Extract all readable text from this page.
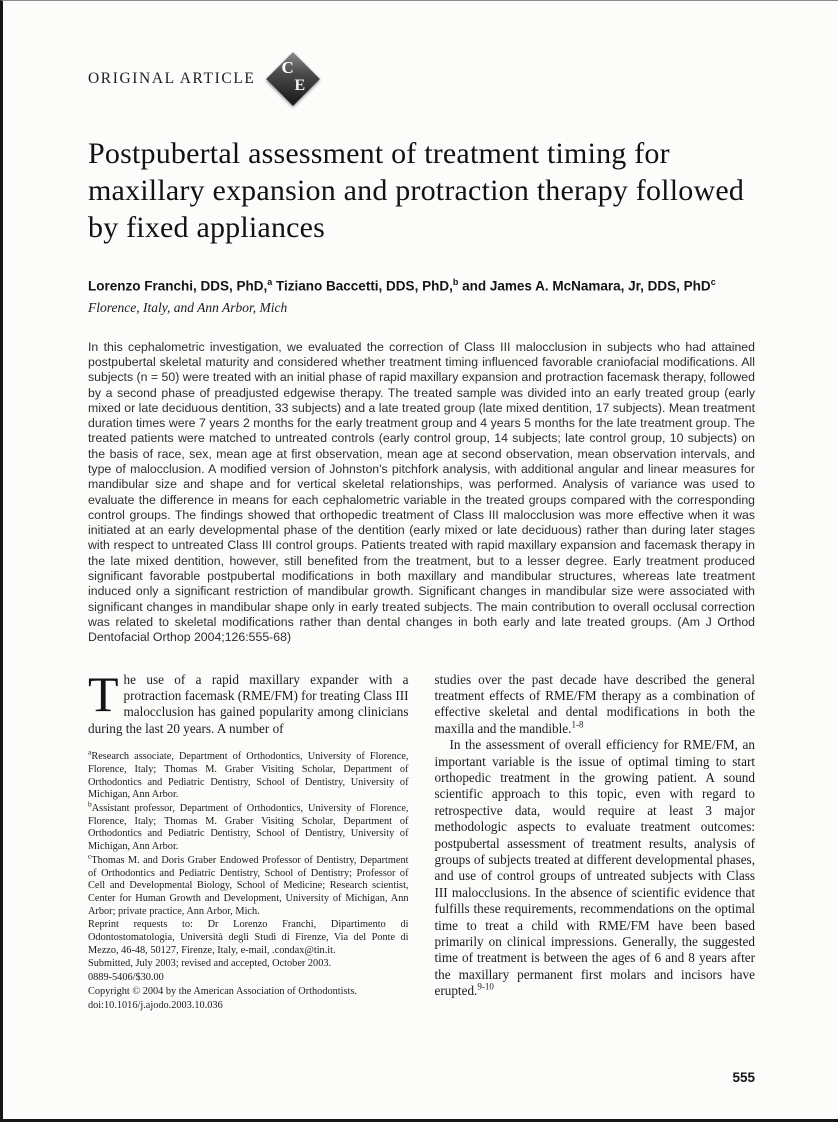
ORIGINAL ARTICLE
C
E
Postpubertal assessment of treatment timing for maxillary expansion and protraction therapy followed by fixed appliances

Lorenzo Franchi, DDS, PhD,$^a$ Tiziano Baccetti, DDS, PhD,$^b$ and James A. McNamara, Jr, DDS, PhD$^c$

Florence, Italy, and Ann Arbor, Mich

In this cephalometric investigation, we evaluated the correction of Class III malocclusion in subjects who had attained postpubertal skeletal maturity and considered whether treatment timing influenced favorable craniofacial modifications. All subjects (n = 50) were treated with an initial phase of rapid maxillary expansion and protraction facemask therapy, followed by a second phase of preadjusted edgewise therapy. The treated sample was divided into an early treated group (early mixed or late deciduous dentition, 33 subjects) and a late treated group (late mixed dentition, 17 subjects). Mean treatment duration times were 7 years 2 months for the early treatment group and 4 years 5 months for the late treatment group. The treated patients were matched to untreated controls (early control group, 14 subjects; late control group, 10 subjects) on the basis of race, sex, mean age at first observation, mean age at second observation, mean observation intervals, and type of malocclusion. A modified version of Johnston's pitchfork analysis, with additional angular and linear measures for mandibular size and shape and for vertical skeletal relationships, was performed. Analysis of variance was used to evaluate the difference in means for each cephalometric variable in the treated groups compared with the corresponding control groups. The findings showed that orthopedic treatment of Class III malocclusion was more effective when it was initiated at an early developmental phase of the dentition (early mixed or late deciduous) rather than during later stages with respect to untreated Class III control groups. Patients treated with rapid maxillary expansion and facemask therapy in the late mixed dentition, however, still benefited from the treatment, but to a lesser degree. Early treatment produced significant favorable postpubertal modifications in both maxillary and mandibular structures, whereas late treatment induced only a significant restriction of mandibular growth. Significant changes in mandibular size were associated with significant changes in mandibular shape only in early treated subjects. The main contribution to overall occlusal correction was related to skeletal modifications rather than dental changes in both early and late treated groups. (Am J Orthod Dentofacial Orthop 2004;126:555-68)

The use of a rapid maxillary expander with a protraction facemask (RME/FM) for treating Class III malocclusion has gained popularity among clinicians during the last 20 years. A number of

$^a$Research associate, Department of Orthodontics, University of Florence, Florence, Italy; Thomas M. Graber Visiting Scholar, Department of Orthodontics and Pediatric Dentistry, School of Dentistry, University of Michigan, Ann Arbor.

$^b$Assistant professor, Department of Orthodontics, University of Florence, Florence, Italy; Thomas M. Graber Visiting Scholar, Department of Orthodontics and Pediatric Dentistry, School of Dentistry, University of Michigan, Ann Arbor.

$^c$Thomas M. and Doris Graber Endowed Professor of Dentistry, Department of Orthodontics and Pediatric Dentistry, School of Dentistry; Professor of Cell and Developmental Biology, School of Medicine; Research scientist, Center for Human Growth and Development, University of Michigan, Ann Arbor; private practice, Ann Arbor, Mich.

Reprint requests to: Dr Lorenzo Franchi, Dipartimento di Odontostomatologia, Università degli Studi di Firenze, Via del Ponte di Mezzo, 46-48, 50127, Firenze, Italy, e-mail, .condax@tin.it.

Submitted, July 2003; revised and accepted, October 2003.

0889-5406/$30.00

Copyright © 2004 by the American Association of Orthodontists.

doi:10.1016/j.ajodo.2003.10.036

studies over the past decade have described the general treatment effects of RME/FM therapy as a combination of effective skeletal and dental modifications in both the maxilla and the mandible.$^{1-8}$

In the assessment of overall efficiency for RME/FM, an important variable is the issue of optimal timing to start orthopedic treatment in the growing patient. A sound scientific approach to this topic, even with regard to retrospective data, would require at least 3 major methodologic aspects to evaluate treatment outcomes: postpubertal assessment of treatment results, analysis of groups of subjects treated at different developmental phases, and use of control groups of untreated subjects with Class III malocclusions. In the absence of scientific evidence that fulfills these requirements, recommendations on the optimal time to treat a child with RME/FM have been based primarily on clinical impressions. Generally, the suggested time of treatment is between the ages of 6 and 8 years after the maxillary permanent first molars and incisors have erupted.$^{9-10}$

555
